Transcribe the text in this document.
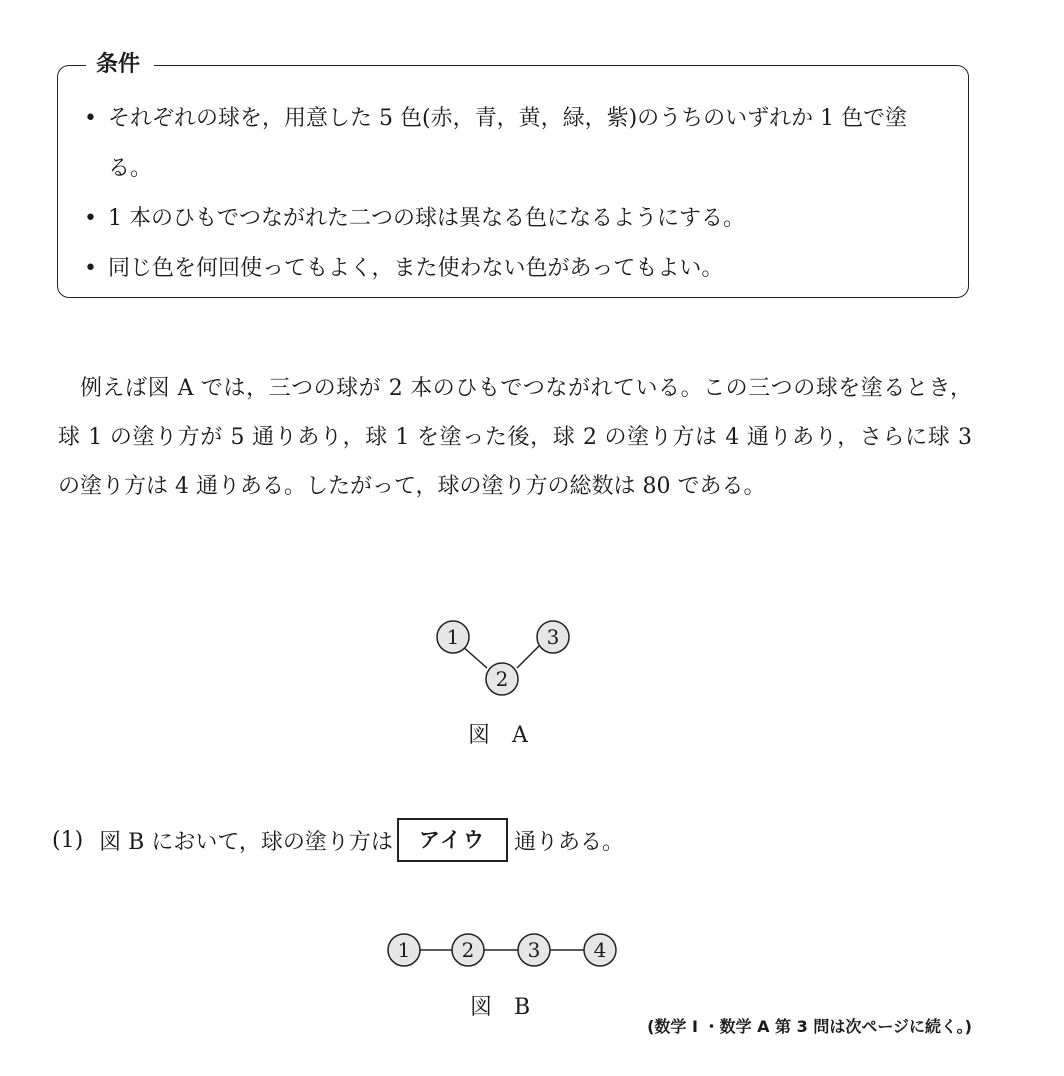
条件
• それぞれの球を，用意した 5 色(赤，青，黄，緑，紫)のうちのいずれか 1 色で塗る。
• 1 本のひもでつながれた二つの球は異なる色になるようにする。
• 同じ色を何回使ってもよく，また使わない色があってもよい。
例えば図 A では，三つの球が 2 本のひもでつながれている。この三つの球を塗るとき，球 1 の塗り方が 5 通りあり，球 1 を塗った後，球 2 の塗り方は 4 通りあり，さらに球 3 の塗り方は 4 通りある。したがって，球の塗り方の総数は 80 である。
1
2
3
図　A
(1) 図 B において，球の塗り方は	アイウ	通りある。
1	2	3	4
図　B
(数学 I ・数学 A 第 3 問は次ページに続く。)
